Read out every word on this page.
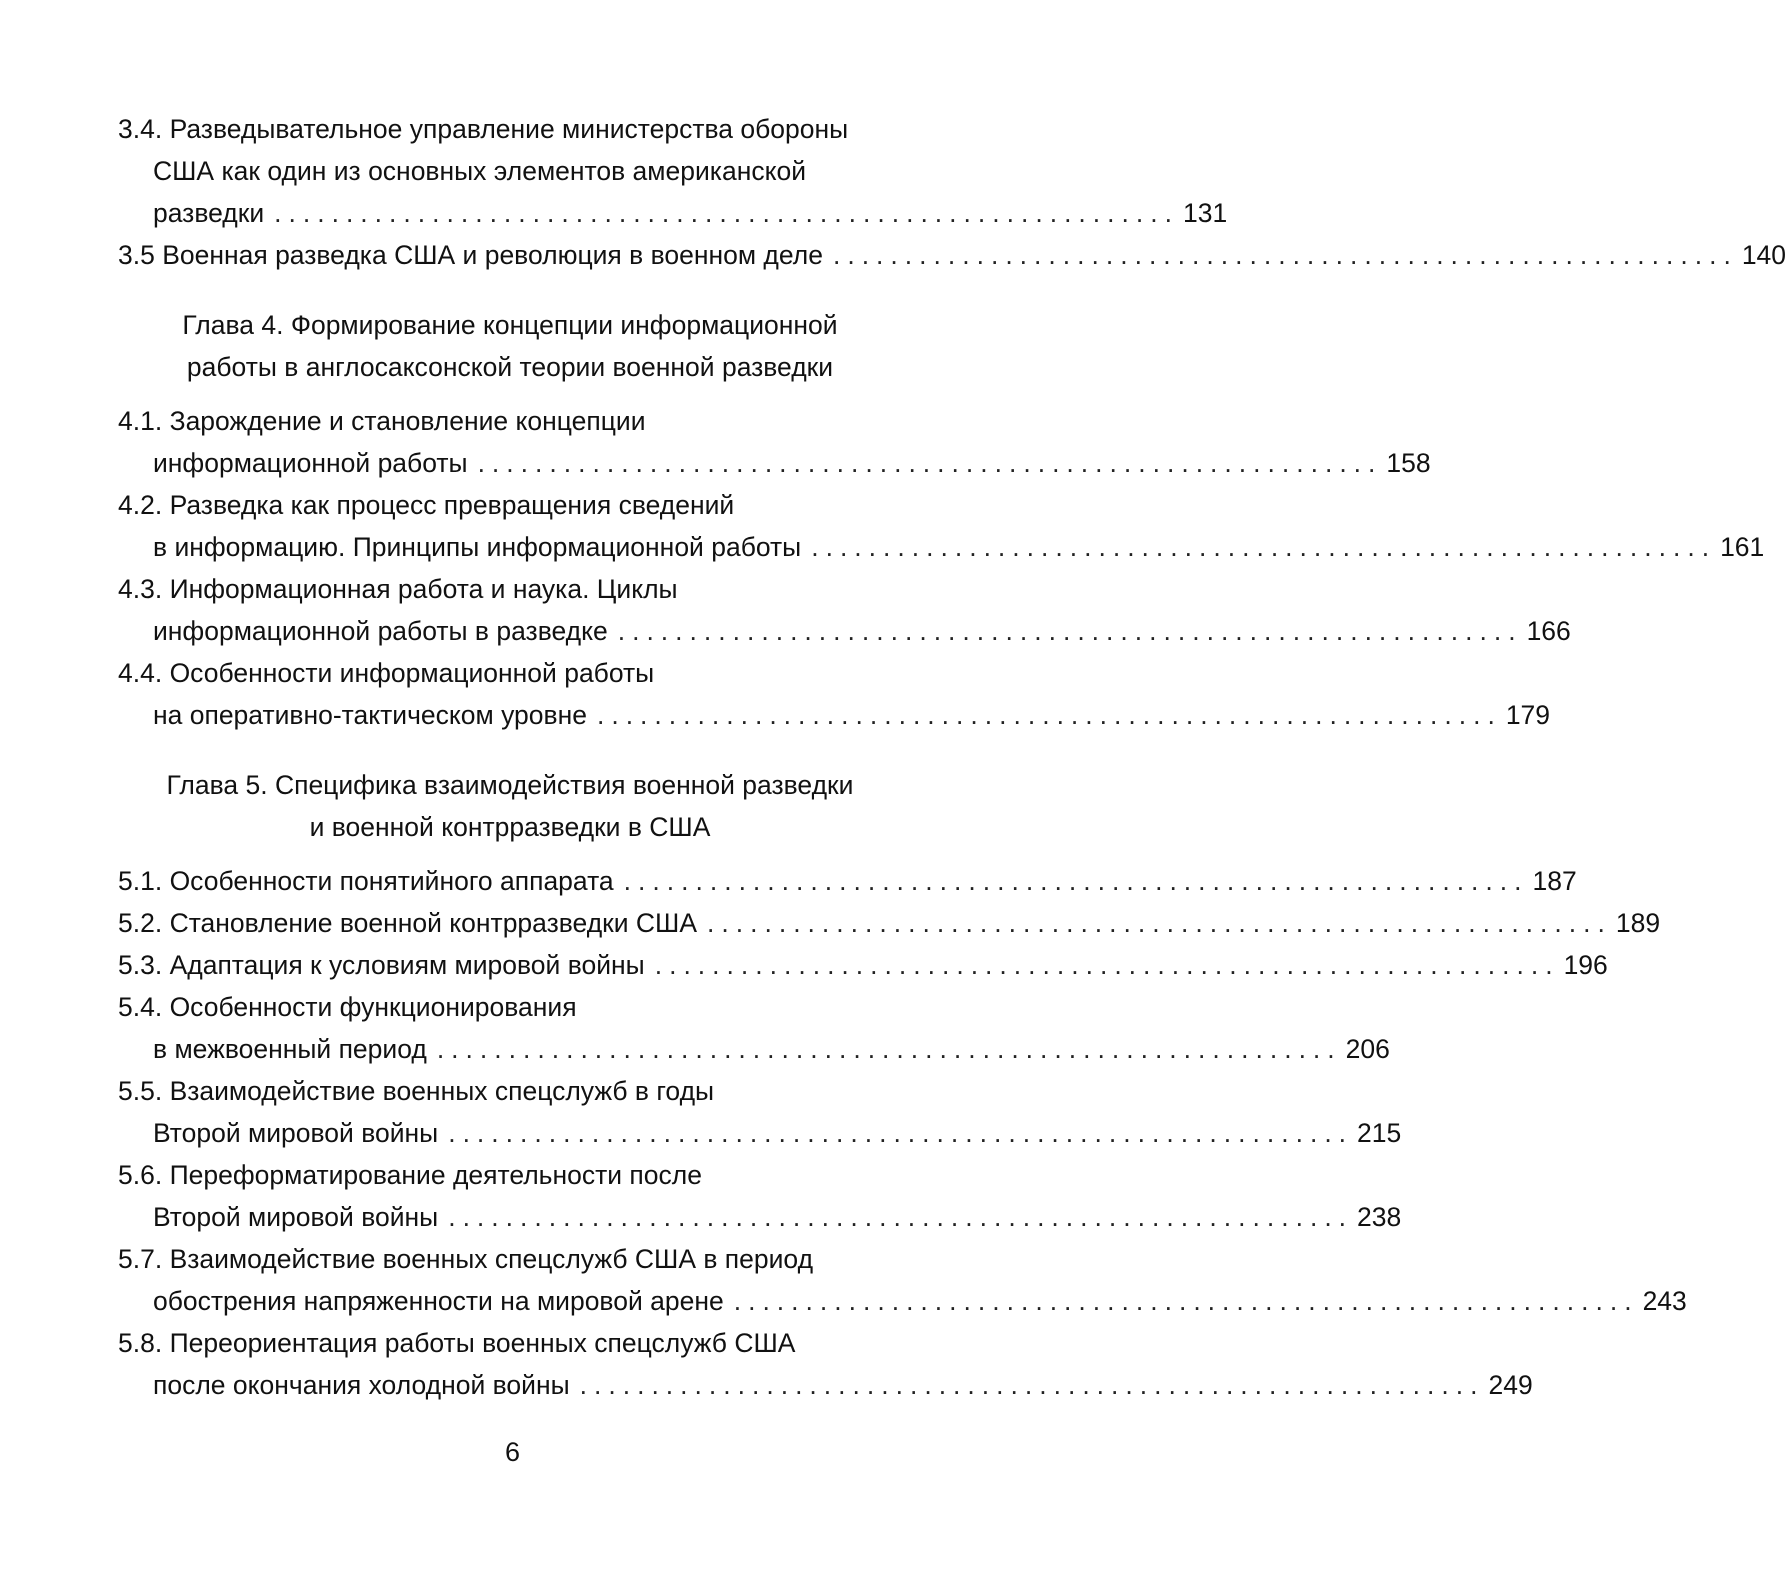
3.4. Разведывательное управление министерства обороны
США как один из основных элементов американской
разведки ............................................................... 131
3.5 Военная разведка США и революция в военном деле ............................................................... 140
Глава 4. Формирование концепции информационной
работы в англосаксонской теории военной разведки
4.1. Зарождение и становление концепции
информационной работы ............................................................... 158
4.2. Разведка как процесс превращения сведений
в информацию. Принципы информационной работы ............................................................... 161
4.3. Информационная работа и наука. Циклы
информационной работы в разведке ............................................................... 166
4.4. Особенности информационной работы
на оперативно-тактическом уровне ............................................................... 179
Глава 5. Специфика взаимодействия военной разведки
и военной контрразведки в США
5.1. Особенности понятийного аппарата ............................................................... 187
5.2. Становление военной контрразведки США ............................................................... 189
5.3. Адаптация к условиям мировой войны ............................................................... 196
5.4. Особенности функционирования
в межвоенный период ............................................................... 206
5.5. Взаимодействие военных спецслужб в годы
Второй мировой войны ............................................................... 215
5.6. Переформатирование деятельности после
Второй мировой войны ............................................................... 238
5.7. Взаимодействие военных спецслужб США в период
обострения напряженности на мировой арене ............................................................... 243
5.8. Переориентация работы военных спецслужб США
после окончания холодной войны ............................................................... 249
6
